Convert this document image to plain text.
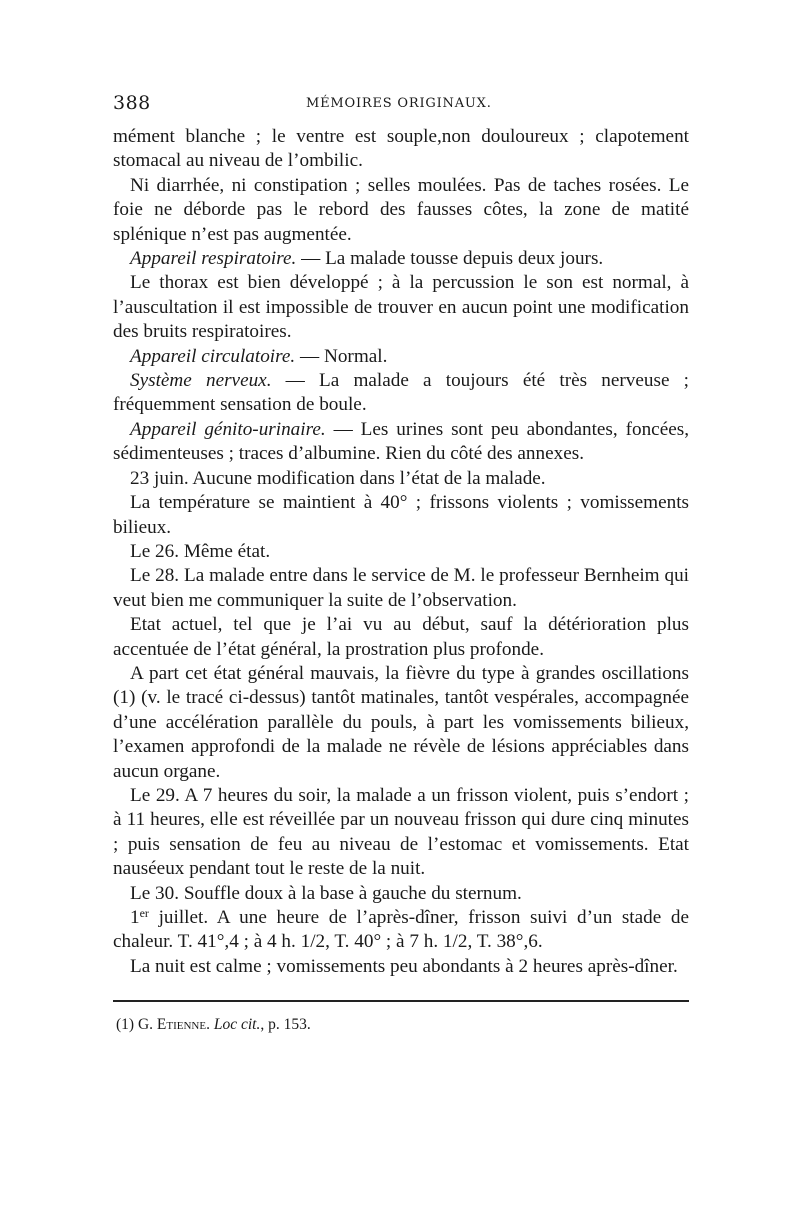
388	MÉMOIRES ORIGINAUX.

mément blanche ; le ventre est souple,non douloureux ; clapotement stomacal au niveau de l’ombilic.

Ni diarrhée, ni constipation ; selles moulées. Pas de taches rosées. Le foie ne déborde pas le rebord des fausses côtes, la zone de matité splénique n’est pas augmentée.

Appareil respiratoire. — La malade tousse depuis deux jours.

Le thorax est bien développé ; à la percussion le son est normal, à l’auscultation il est impossible de trouver en aucun point une modification des bruits respiratoires.

Appareil circulatoire. — Normal.

Système nerveux. — La malade a toujours été très nerveuse ; fréquemment sensation de boule.

Appareil génito-urinaire. — Les urines sont peu abondantes, foncées, sédimenteuses ; traces d’albumine. Rien du côté des annexes.

23 juin. Aucune modification dans l’état de la malade.

La température se maintient à 40° ; frissons violents ; vomissements bilieux.

Le 26. Même état.

Le 28. La malade entre dans le service de M. le professeur Bernheim qui veut bien me communiquer la suite de l’observation.

Etat actuel, tel que je l’ai vu au début, sauf la détérioration plus accentuée de l’état général, la prostration plus profonde.

A part cet état général mauvais, la fièvre du type à grandes oscillations (1) (v. le tracé ci-dessus) tantôt matinales, tantôt vespérales, accompagnée d’une accélération parallèle du pouls, à part les vomissements bilieux, l’examen approfondi de la malade ne révèle de lésions appréciables dans aucun organe.

Le 29. A 7 heures du soir, la malade a un frisson violent, puis s’endort ; à 11 heures, elle est réveillée par un nouveau frisson qui dure cinq minutes ; puis sensation de feu au niveau de l’estomac et vomissements. Etat nauséeux pendant tout le reste de la nuit.

Le 30. Souffle doux à la base à gauche du sternum.

1er juillet. A une heure de l’après-dîner, frisson suivi d’un stade de chaleur. T. 41°,4 ; à 4 h. 1/2, T. 40° ; à 7 h. 1/2, T. 38°,6.

La nuit est calme ; vomissements peu abondants à 2 heures après-dîner.

(1) G. Etienne. Loc cit., p. 153.
